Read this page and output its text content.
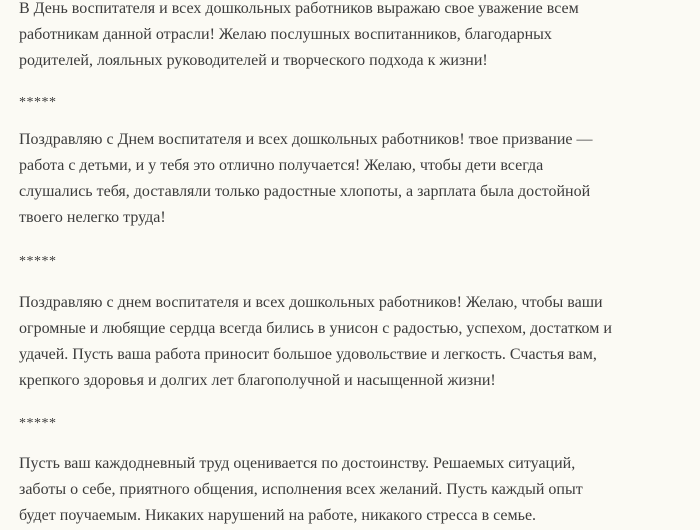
В День воспитателя и всех дошкольных работников выражаю свое уважение всем
работникам данной отрасли! Желаю послушных воспитанников, благодарных
родителей, лояльных руководителей и творческого подхода к жизни!

*****

Поздравляю с Днем воспитателя и всех дошкольных работников! твое призвание —
работа с детьми, и у тебя это отлично получается! Желаю, чтобы дети всегда
слушались тебя, доставляли только радостные хлопоты, а зарплата была достойной
твоего нелегко труда!

*****

Поздравляю с днем воспитателя и всех дошкольных работников! Желаю, чтобы ваши
огромные и любящие сердца всегда бились в унисон с радостью, успехом, достатком и
удачей. Пусть ваша работа приносит большое удовольствие и легкость. Счастья вам,
крепкого здоровья и долгих лет благополучной и насыщенной жизни!

*****

Пусть ваш каждодневный труд оценивается по достоинству. Решаемых ситуаций,
заботы о себе, приятного общения, исполнения всех желаний. Пусть каждый опыт
будет поучаемым. Никаких нарушений на работе, никакого стресса в семье.
